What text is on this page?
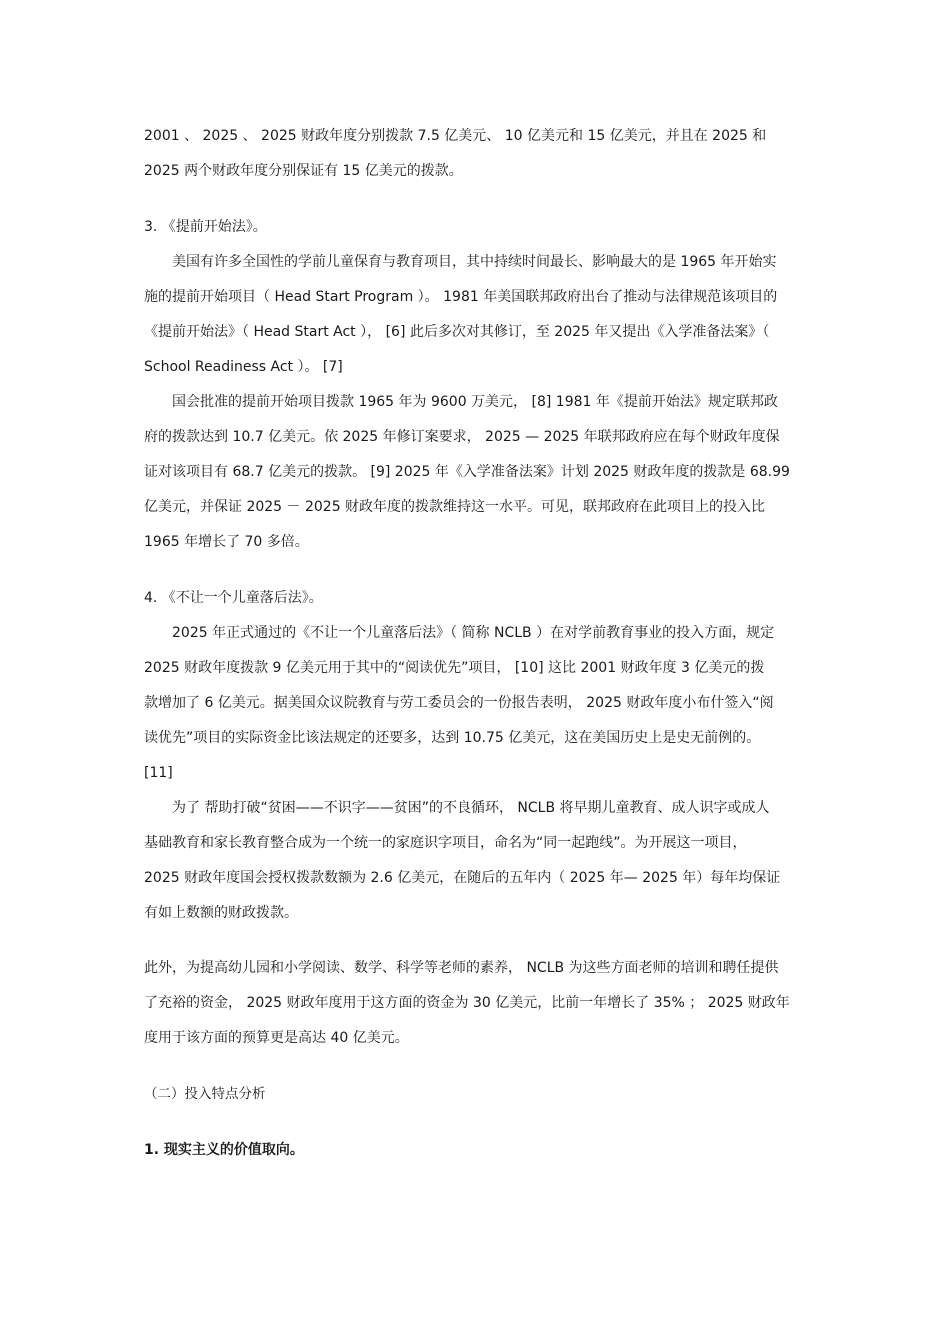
2001 、 2025 、 2025 财政年度分别拨款 7.5 亿美元、 10 亿美元和 15 亿美元，并且在 2025 和
2025 两个财政年度分别保证有 15 亿美元的拨款。
3. 《提前开始法》。
美国有许多全国性的学前儿童保育与教育项目，其中持续时间最长、影响最大的是 1965 年开始实
施的提前开始项目（ Head Start Program ）。 1981 年美国联邦政府出台了推动与法律规范该项目的
《提前开始法》（ Head Start Act ）， [6] 此后多次对其修订，至 2025 年又提出《入学准备法案》（
School Readiness Act ）。 [7]
国会批准的提前开始项目拨款 1965 年为 9600 万美元， [8] 1981 年《提前开始法》规定联邦政
府的拨款达到 10.7 亿美元。依 2025 年修订案要求， 2025 — 2025 年联邦政府应在每个财政年度保
证对该项目有 68.7 亿美元的拨款。 [9] 2025 年《入学准备法案》计划 2025 财政年度的拨款是 68.99
亿美元，并保证 2025 － 2025 财政年度的拨款维持这一水平。可见，联邦政府在此项目上的投入比
1965 年增长了 70 多倍。
4. 《不让一个儿童落后法》。
2025 年正式通过的《不让一个儿童落后法》（ 简称 NCLB ）在对学前教育事业的投入方面，规定
2025 财政年度拨款 9 亿美元用于其中的“阅读优先”项目， [10] 这比 2001 财政年度 3 亿美元的拨
款增加了 6 亿美元。据美国众议院教育与劳工委员会的一份报告表明， 2025 财政年度小布什签入“阅
读优先”项目的实际资金比该法规定的还要多，达到 10.75 亿美元，这在美国历史上是史无前例的。
[11]
为了 帮助打破“贫困——不识字——贫困”的不良循环， NCLB 将早期儿童教育、成人识字或成人
基础教育和家长教育整合成为一个统一的家庭识字项目，命名为“同一起跑线”。为开展这一项目，
2025 财政年度国会授权拨款数额为 2.6 亿美元，在随后的五年内（ 2025 年— 2025 年）每年均保证
有如上数额的财政拨款。
此外，为提高幼儿园和小学阅读、数学、科学等老师的素养， NCLB 为这些方面老师的培训和聘任提供
了充裕的资金， 2025 财政年度用于这方面的资金为 30 亿美元，比前一年增长了 35% ； 2025 财政年
度用于该方面的预算更是高达 40 亿美元。
（二）投入特点分析
1. 现实主义的价值取向。
